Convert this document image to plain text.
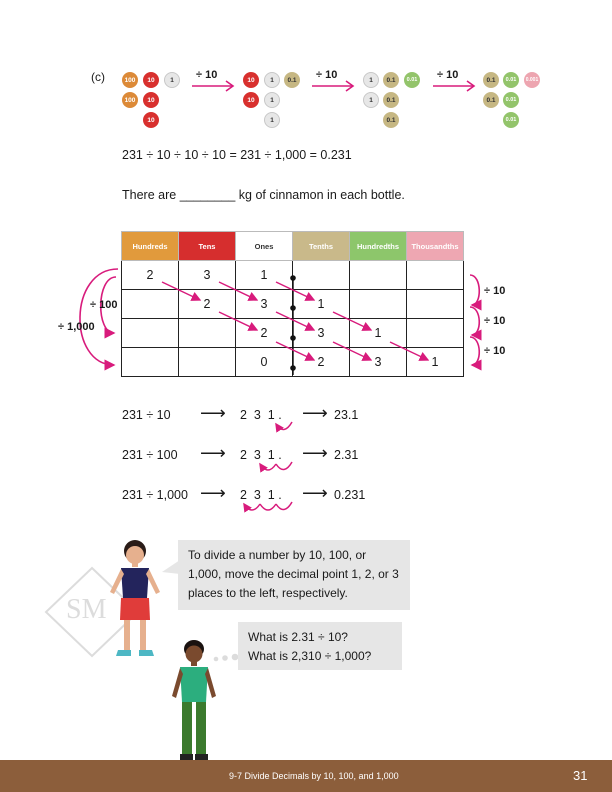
(c)	100	10	1
100	10
10
÷ 10	10	1	0.1
10	1
1
÷ 10	1	0.1	0.01
1	0.1
0.1
÷ 10	0.1	0.01	0.001
0.1	0.01
0.01
231 ÷ 10 ÷ 10 ÷ 10 = 231 ÷ 1,000 = 0.231
There are ________ kg of cinnamon in each bottle.
Hundreds	Tens	Ones	Tenths	Hundredths	Thousandths
2	3	1			
	2	3	1		
		2	3	1	
		0	2	3	1
÷ 100
÷ 1,000
÷ 10
÷ 10
÷ 10
231 ÷ 10 ⟶ 2  3  1 . ⟶ 23.1
231 ÷ 100 ⟶ 2  3  1 . ⟶ 2.31
231 ÷ 1,000 ⟶ 2  3  1 . ⟶ 0.231
SM
To divide a number by 10, 100, or 1,000, move the decimal point 1, 2, or 3 places to the left, respectively.
What is 2.31 ÷ 10?
What is 2,310 ÷ 1,000?
9-7 Divide Decimals by 10, 100, and 1,000	31
